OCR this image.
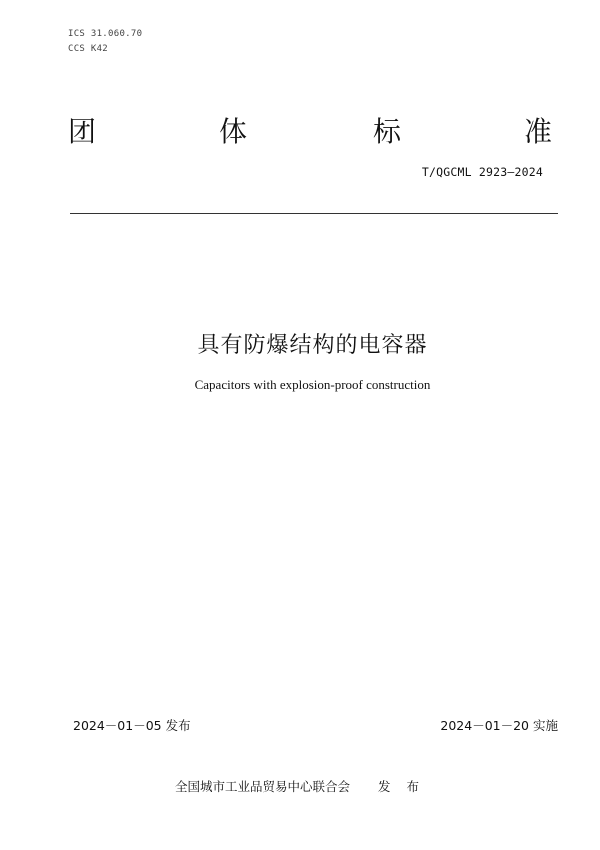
ICS 31.060.70
CCS K42
团	体	标	准
T/QGCML 2923—2024
具有防爆结构的电容器
Capacitors with explosion-proof construction
2024－01－05 发布	2024－01－20 实施
全国城市工业品贸易中心联合会 发 布
